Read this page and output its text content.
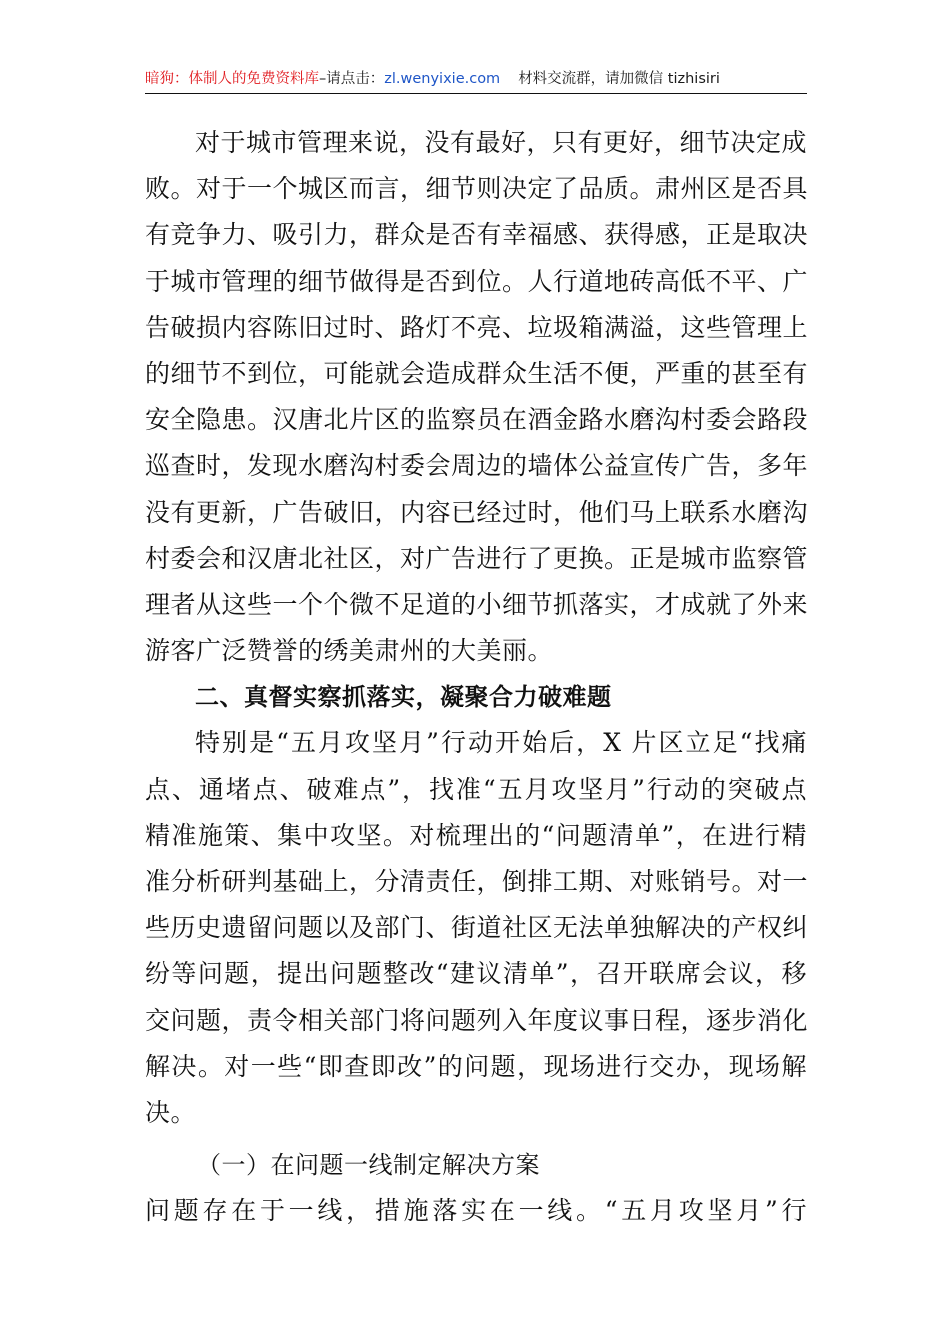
暗狗：体制人的免费资料库–请点击：zl.wenyixie.com 材料交流群，请加微信 tizhisiri
对于城市管理来说，没有最好，只有更好，细节决定成
败。对于一个城区而言，细节则决定了品质。肃州区是否具
有竞争力、吸引力，群众是否有幸福感、获得感，正是取决
于城市管理的细节做得是否到位。人行道地砖高低不平、广
告破损内容陈旧过时、路灯不亮、垃圾箱满溢，这些管理上
的细节不到位，可能就会造成群众生活不便，严重的甚至有
安全隐患。汉唐北片区的监察员在酒金路水磨沟村委会路段
巡查时，发现水磨沟村委会周边的墙体公益宣传广告，多年
没有更新，广告破旧，内容已经过时，他们马上联系水磨沟
村委会和汉唐北社区，对广告进行了更换。正是城市监察管
理者从这些一个个微不足道的小细节抓落实，才成就了外来
游客广泛赞誉的绣美肃州的大美丽。
二、真督实察抓落实，凝聚合力破难题
特别是“五月攻坚月”行动开始后，X 片区立足“找痛
点、通堵点、破难点”，找准“五月攻坚月”行动的突破点
精准施策、集中攻坚。对梳理出的“问题清单”，在进行精
准分析研判基础上，分清责任，倒排工期、对账销号。对一
些历史遗留问题以及部门、街道社区无法单独解决的产权纠
纷等问题，提出问题整改“建议清单”，召开联席会议，移
交问题，责令相关部门将问题列入年度议事日程，逐步消化
解决。对一些“即查即改”的问题，现场进行交办，现场解
决。
（一）在问题一线制定解决方案
问题存在于一线，措施落实在一线。“五月攻坚月”行
